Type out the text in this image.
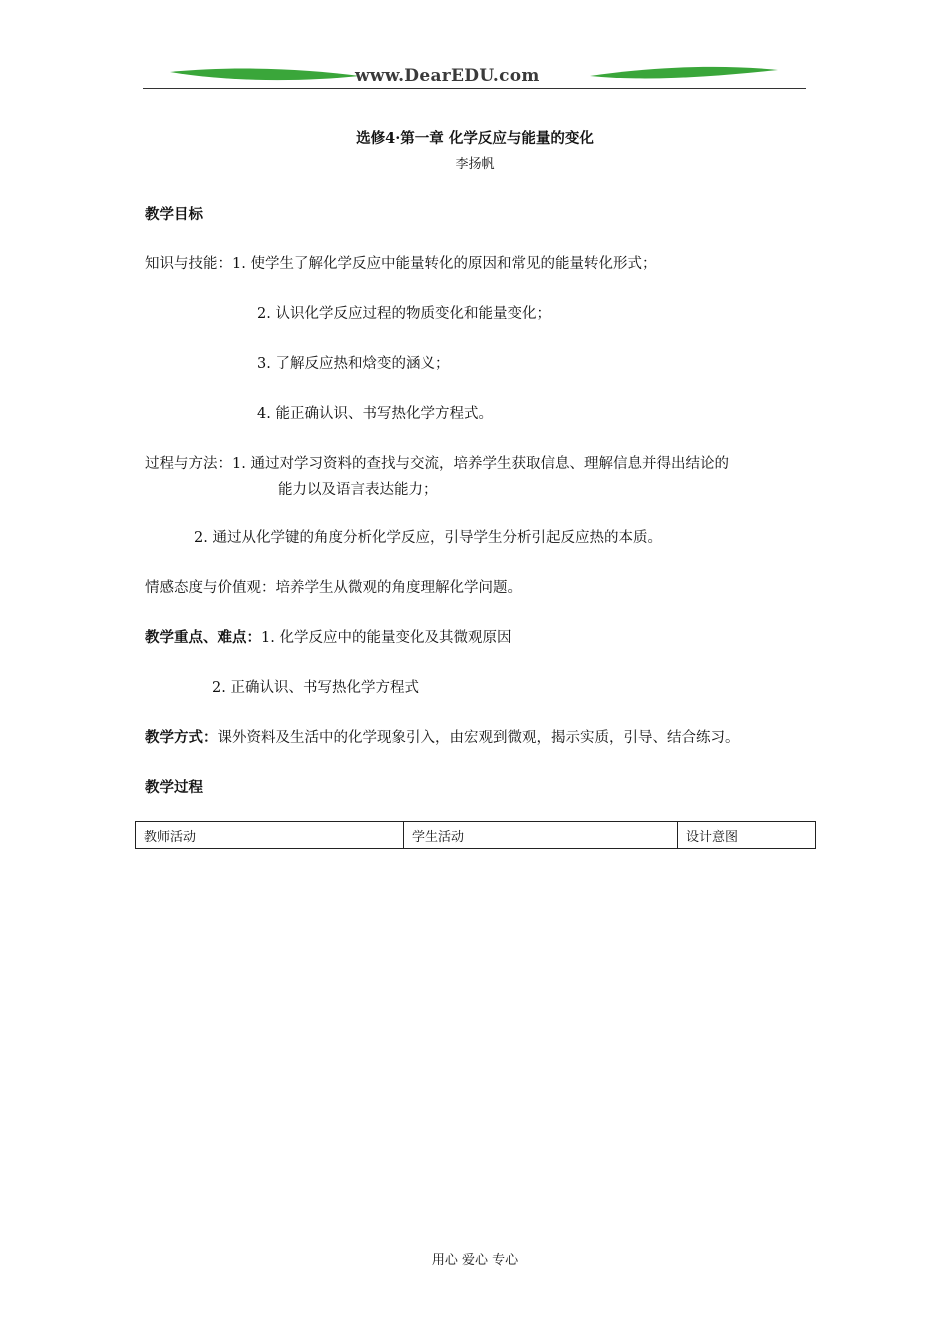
www.DearEDU.com
选修4·第一章 化学反应与能量的变化
李扬帆
教学目标
知识与技能：1. 使学生了解化学反应中能量转化的原因和常见的能量转化形式；
2. 认识化学反应过程的物质变化和能量变化；
3. 了解反应热和焓变的涵义；
4. 能正确认识、书写热化学方程式。
过程与方法：1. 通过对学习资料的查找与交流，培养学生获取信息、理解信息并得出结论的
能力以及语言表达能力；
2. 通过从化学键的角度分析化学反应，引导学生分析引起反应热的本质。
情感态度与价值观：培养学生从微观的角度理解化学问题。
教学重点、难点：1. 化学反应中的能量变化及其微观原因
2. 正确认识、书写热化学方程式
教学方式：课外资料及生活中的化学现象引入，由宏观到微观，揭示实质，引导、结合练习。
教学过程
教师活动	学生活动	设计意图
用心 爱心 专心
